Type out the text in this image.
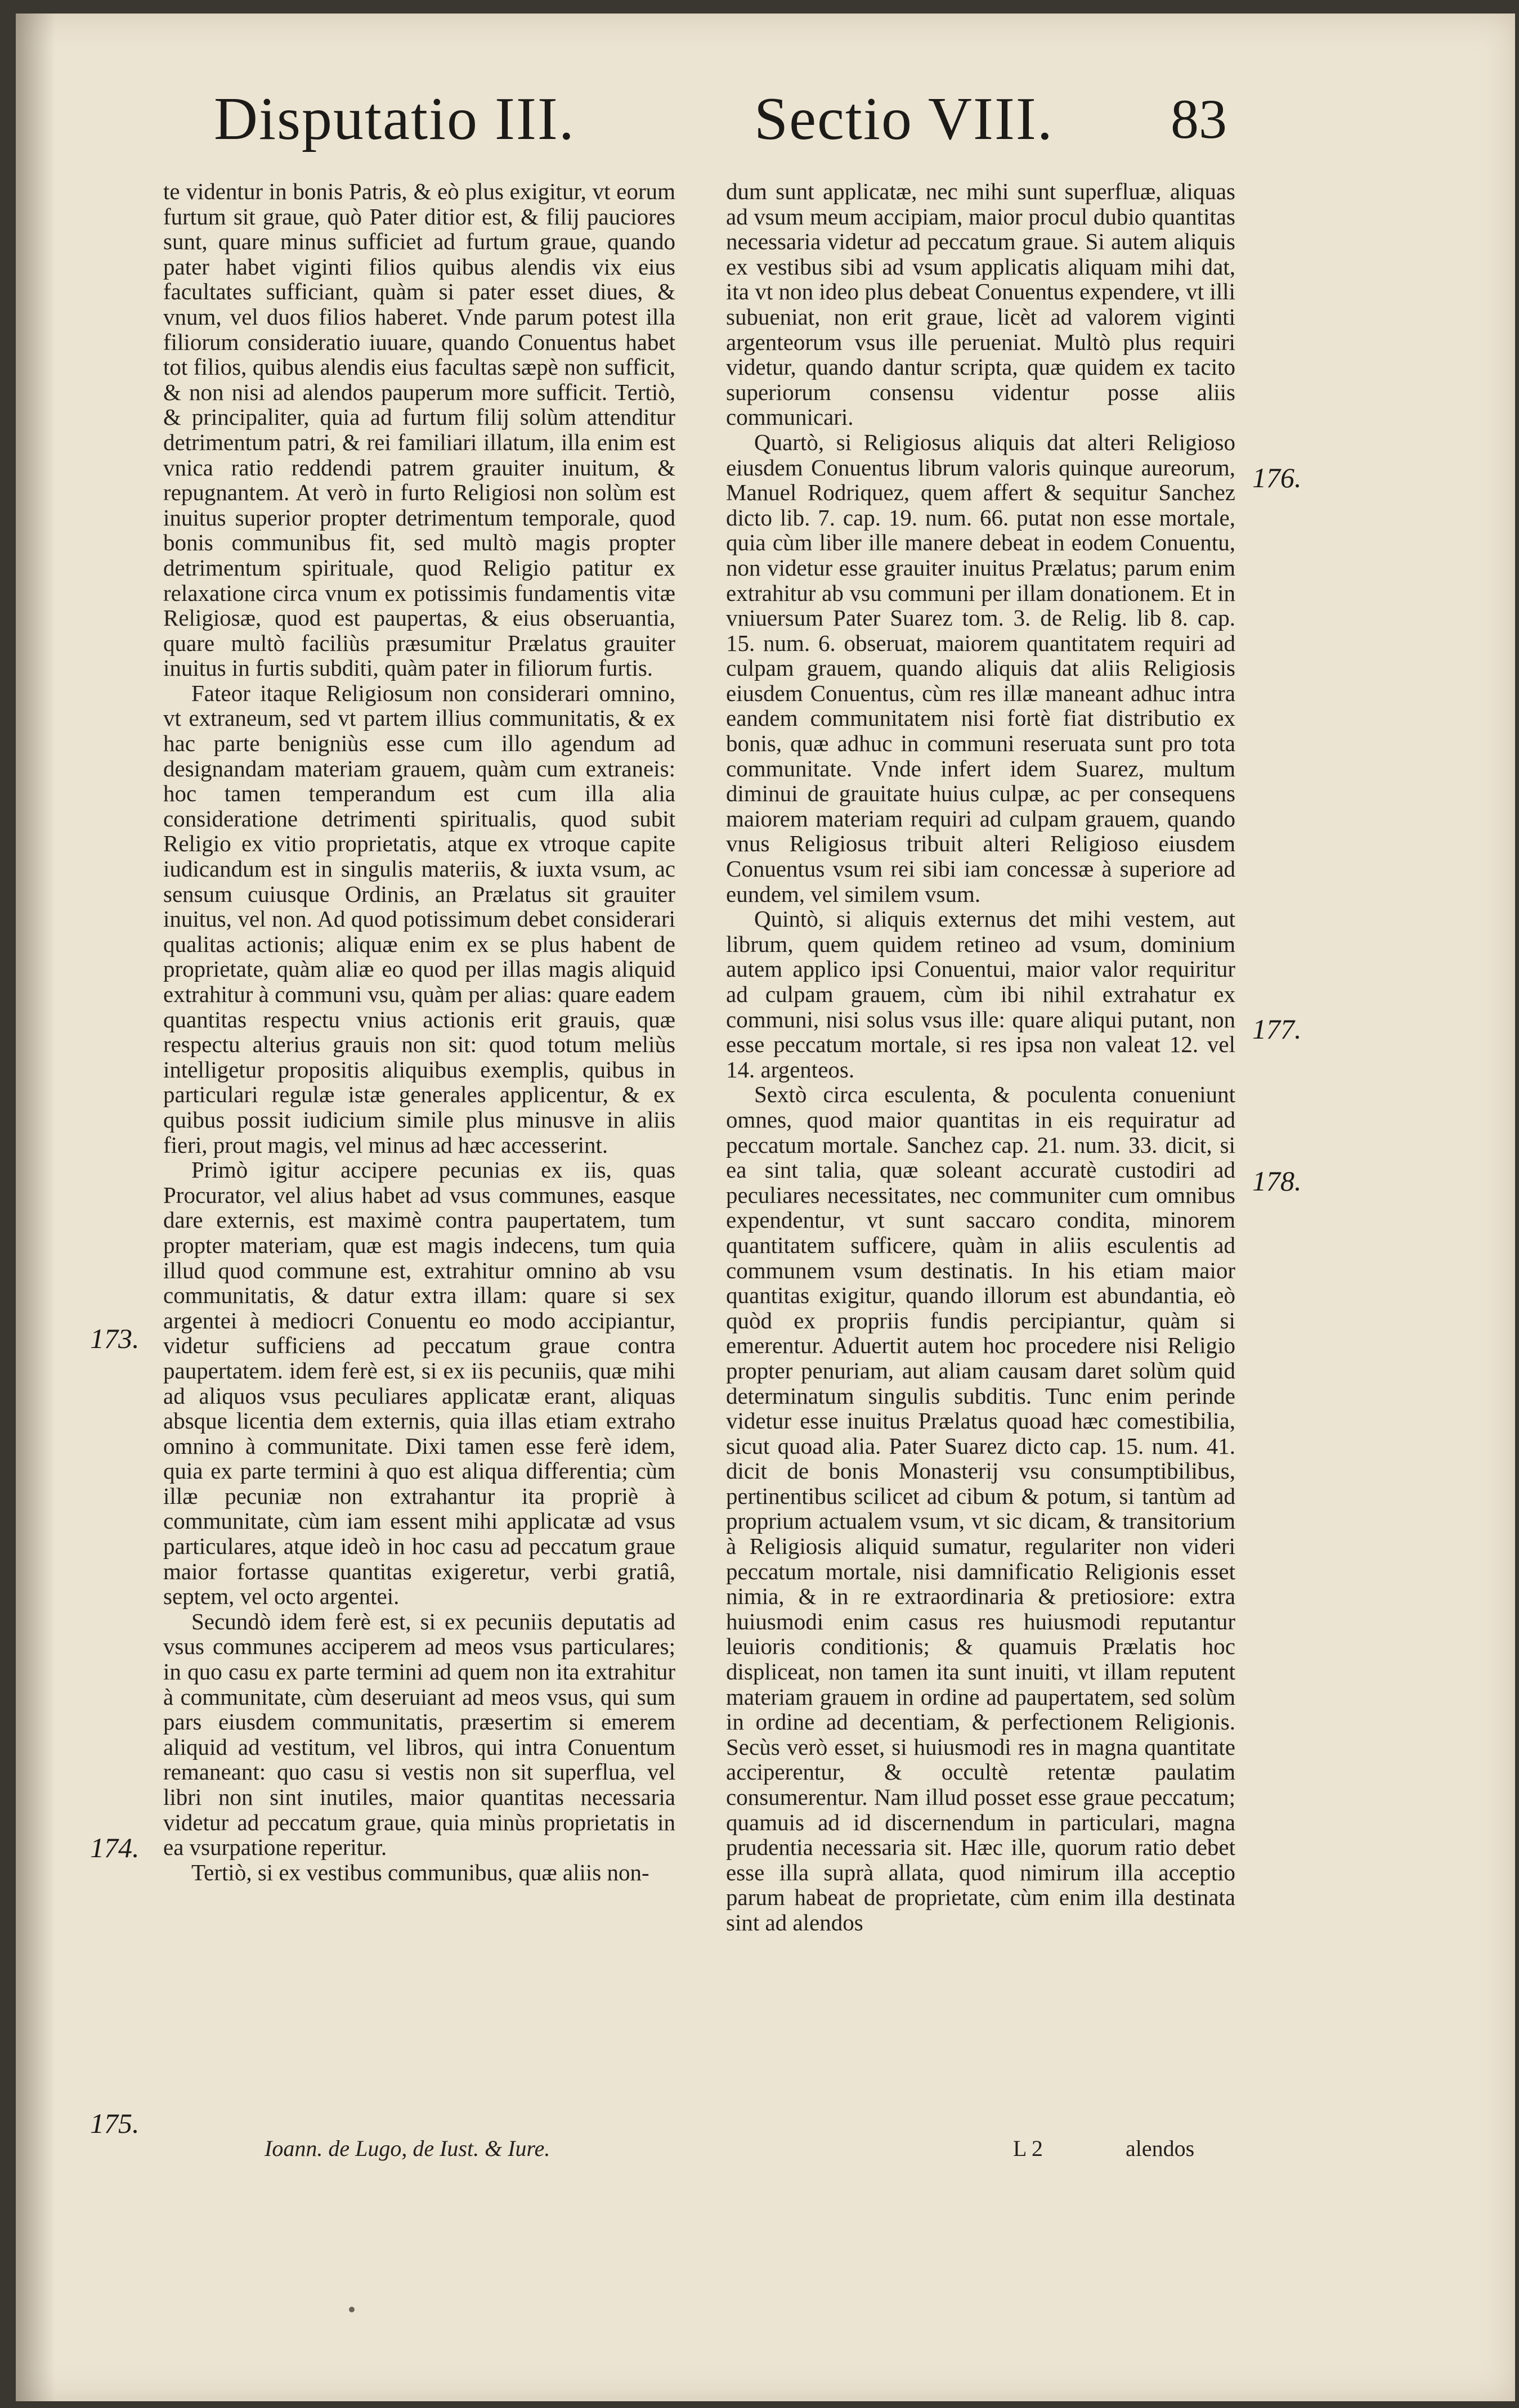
Disputatio III.	Sectio VIII. 83

te videntur in bonis Patris, & eò plus exigitur, vt eorum furtum sit graue, quò Pater ditior est, & filij pauciores sunt, quare minus sufficiet ad furtum graue, quando pater habet viginti filios quibus alendis vix eius facultates sufficiant, quàm si pater esset diues, & vnum, vel duos filios haberet. Vnde parum potest illa filiorum consideratio iuuare, quando Conuentus habet tot filios, quibus alendis eius facultas sæpè non sufficit, & non nisi ad alendos pauperum more sufficit. Tertiò, & principaliter, quia ad furtum filij solùm attenditur detrimentum patri, & rei familiari illatum, illa enim est vnica ratio reddendi patrem grauiter inuitum, & repugnantem. At verò in furto Religiosi non solùm est inuitus superior propter detrimentum temporale, quod bonis communibus fit, sed multò magis propter detrimentum spirituale, quod Religio patitur ex relaxatione circa vnum ex potissimis fundamentis vitæ Religiosæ, quod est paupertas, & eius obseruantia, quare multò faciliùs præsumitur Prælatus grauiter inuitus in furtis subditi, quàm pater in filiorum furtis.

Fateor itaque Religiosum non considerari omnino, vt extraneum, sed vt partem illius communitatis, & ex hac parte benigniùs esse cum illo agendum ad designandam materiam grauem, quàm cum extraneis: hoc tamen temperandum est cum illa alia consideratione detrimenti spiritualis, quod subit Religio ex vitio proprietatis, atque ex vtroque capite iudicandum est in singulis materiis, & iuxta vsum, ac sensum cuiusque Ordinis, an Prælatus sit grauiter inuitus, vel non. Ad quod potissimum debet considerari qualitas actionis; aliquæ enim ex se plus habent de proprietate, quàm aliæ eo quod per illas magis aliquid extrahitur à communi vsu, quàm per alias: quare eadem quantitas respectu vnius actionis erit grauis, quæ respectu alterius grauis non sit: quod totum meliùs intelligetur propositis aliquibus exemplis, quibus in particulari regulæ istæ generales applicentur, & ex quibus possit iudicium simile plus minusve in aliis fieri, prout magis, vel minus ad hæc accesserint.

Primò igitur accipere pecunias ex iis, quas Procurator, vel alius habet ad vsus communes, easque dare externis, est maximè contra paupertatem, tum propter materiam, quæ est magis indecens, tum quia illud quod commune est, extrahitur omnino ab vsu communitatis, & datur extra illam: quare si sex argentei à mediocri Conuentu eo modo accipiantur, videtur sufficiens ad peccatum graue contra paupertatem. idem ferè est, si ex iis pecuniis, quæ mihi ad aliquos vsus peculiares applicatæ erant, aliquas absque licentia dem externis, quia illas etiam extraho omnino à communitate. Dixi tamen esse ferè idem, quia ex parte termini à quo est aliqua differentia; cùm illæ pecuniæ non extrahantur ita propriè à communitate, cùm iam essent mihi applicatæ ad vsus particulares, atque ideò in hoc casu ad peccatum graue maior fortasse quantitas exigeretur, verbi gratiâ, septem, vel octo argentei.

Secundò idem ferè est, si ex pecuniis deputatis ad vsus communes acciperem ad meos vsus particulares; in quo casu ex parte termini ad quem non ita extrahitur à communitate, cùm deseruiant ad meos vsus, qui sum pars eiusdem communitatis, præsertim si emerem aliquid ad vestitum, vel libros, qui intra Conuentum remaneant: quo casu si vestis non sit superflua, vel libri non sint inutiles, maior quantitas necessaria videtur ad peccatum graue, quia minùs proprietatis in ea vsurpatione reperitur.

Tertiò, si ex vestibus communibus, quæ aliis non-

dum sunt applicatæ, nec mihi sunt superfluæ, aliquas ad vsum meum accipiam, maior procul dubio quantitas necessaria videtur ad peccatum graue. Si autem aliquis ex vestibus sibi ad vsum applicatis aliquam mihi dat, ita vt non ideo plus debeat Conuentus expendere, vt illi subueniat, non erit graue, licèt ad valorem viginti argenteorum vsus ille perueniat. Multò plus requiri videtur, quando dantur scripta, quæ quidem ex tacito superiorum consensu videntur posse aliis communicari.

Quartò, si Religiosus aliquis dat alteri Religioso eiusdem Conuentus librum valoris quinque aureorum, Manuel Rodriquez, quem affert & sequitur Sanchez dicto lib. 7. cap. 19. num. 66. putat non esse mortale, quia cùm liber ille manere debeat in eodem Conuentu, non videtur esse grauiter inuitus Prælatus; parum enim extrahitur ab vsu communi per illam donationem. Et in vniuersum Pater Suarez tom. 3. de Relig. lib 8. cap. 15. num. 6. obseruat, maiorem quantitatem requiri ad culpam grauem, quando aliquis dat aliis Religiosis eiusdem Conuentus, cùm res illæ maneant adhuc intra eandem communitatem nisi fortè fiat distributio ex bonis, quæ adhuc in communi reseruata sunt pro tota communitate. Vnde infert idem Suarez, multum diminui de grauitate huius culpæ, ac per consequens maiorem materiam requiri ad culpam grauem, quando vnus Religiosus tribuit alteri Religioso eiusdem Conuentus vsum rei sibi iam concessæ à superiore ad eundem, vel similem vsum.

Quintò, si aliquis externus det mihi vestem, aut librum, quem quidem retineo ad vsum, dominium autem applico ipsi Conuentui, maior valor requiritur ad culpam grauem, cùm ibi nihil extrahatur ex communi, nisi solus vsus ille: quare aliqui putant, non esse peccatum mortale, si res ipsa non valeat 12. vel 14. argenteos.

Sextò circa esculenta, & poculenta conueniunt omnes, quod maior quantitas in eis requiratur ad peccatum mortale. Sanchez cap. 21. num. 33. dicit, si ea sint talia, quæ soleant accuratè custodiri ad peculiares necessitates, nec communiter cum omnibus expendentur, vt sunt saccaro condita, minorem quantitatem sufficere, quàm in aliis esculentis ad communem vsum destinatis. In his etiam maior quantitas exigitur, quando illorum est abundantia, eò quòd ex propriis fundis percipiantur, quàm si emerentur. Aduertit autem hoc procedere nisi Religio propter penuriam, aut aliam causam daret solùm quid determinatum singulis subditis. Tunc enim perinde videtur esse inuitus Prælatus quoad hæc comestibilia, sicut quoad alia. Pater Suarez dicto cap. 15. num. 41. dicit de bonis Monasterij vsu consumptibilibus, pertinentibus scilicet ad cibum & potum, si tantùm ad proprium actualem vsum, vt sic dicam, & transitorium à Religiosis aliquid sumatur, regulariter non videri peccatum mortale, nisi damnificatio Religionis esset nimia, & in re extraordinaria & pretiosiore: extra huiusmodi enim casus res huiusmodi reputantur leuioris conditionis; & quamuis Prælatis hoc displiceat, non tamen ita sunt inuiti, vt illam reputent materiam grauem in ordine ad paupertatem, sed solùm in ordine ad decentiam, & perfectionem Religionis. Secùs verò esset, si huiusmodi res in magna quantitate acciperentur, & occultè retentæ paulatim consumerentur. Nam illud posset esse graue peccatum; quamuis ad id discernendum in particulari, magna prudentia necessaria sit. Hæc ille, quorum ratio debet esse illa suprà allata, quod nimirum illa acceptio parum habeat de proprietate, cùm enim illa destinata sint ad alendos

173.
174.
175.
176.
177.
178.
Ioann. de Lugo, de Iust. & Iure.	L 2	alendos
